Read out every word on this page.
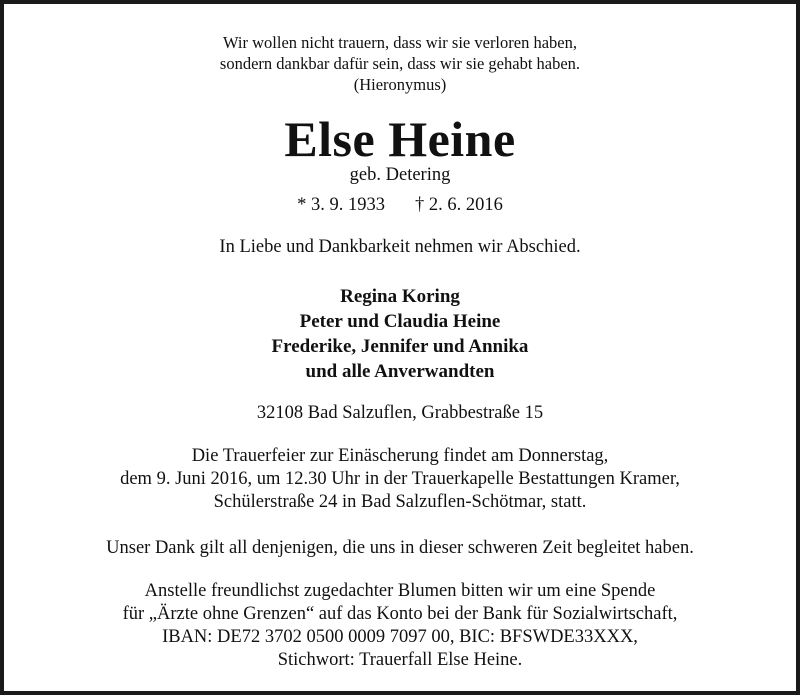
Wir wollen nicht trauern, dass wir sie verloren haben,
sondern dankbar dafür sein, dass wir sie gehabt haben.
(Hieronymus)
Else Heine
geb. Detering
* 3. 9. 1933 † 2. 6. 2016
In Liebe und Dankbarkeit nehmen wir Abschied.
Regina Koring
Peter und Claudia Heine
Frederike, Jennifer und Annika
und alle Anverwandten
32108 Bad Salzuflen, Grabbestraße 15
Die Trauerfeier zur Einäscherung findet am Donnerstag,
dem 9. Juni 2016, um 12.30 Uhr in der Trauerkapelle Bestattungen Kramer,
Schülerstraße 24 in Bad Salzuflen-Schötmar, statt.
Unser Dank gilt all denjenigen, die uns in dieser schweren Zeit begleitet haben.
Anstelle freundlichst zugedachter Blumen bitten wir um eine Spende
für „Ärzte ohne Grenzen“ auf das Konto bei der Bank für Sozialwirtschaft,
IBAN: DE72 3702 0500 0009 7097 00, BIC: BFSWDE33XXX,
Stichwort: Trauerfall Else Heine.
